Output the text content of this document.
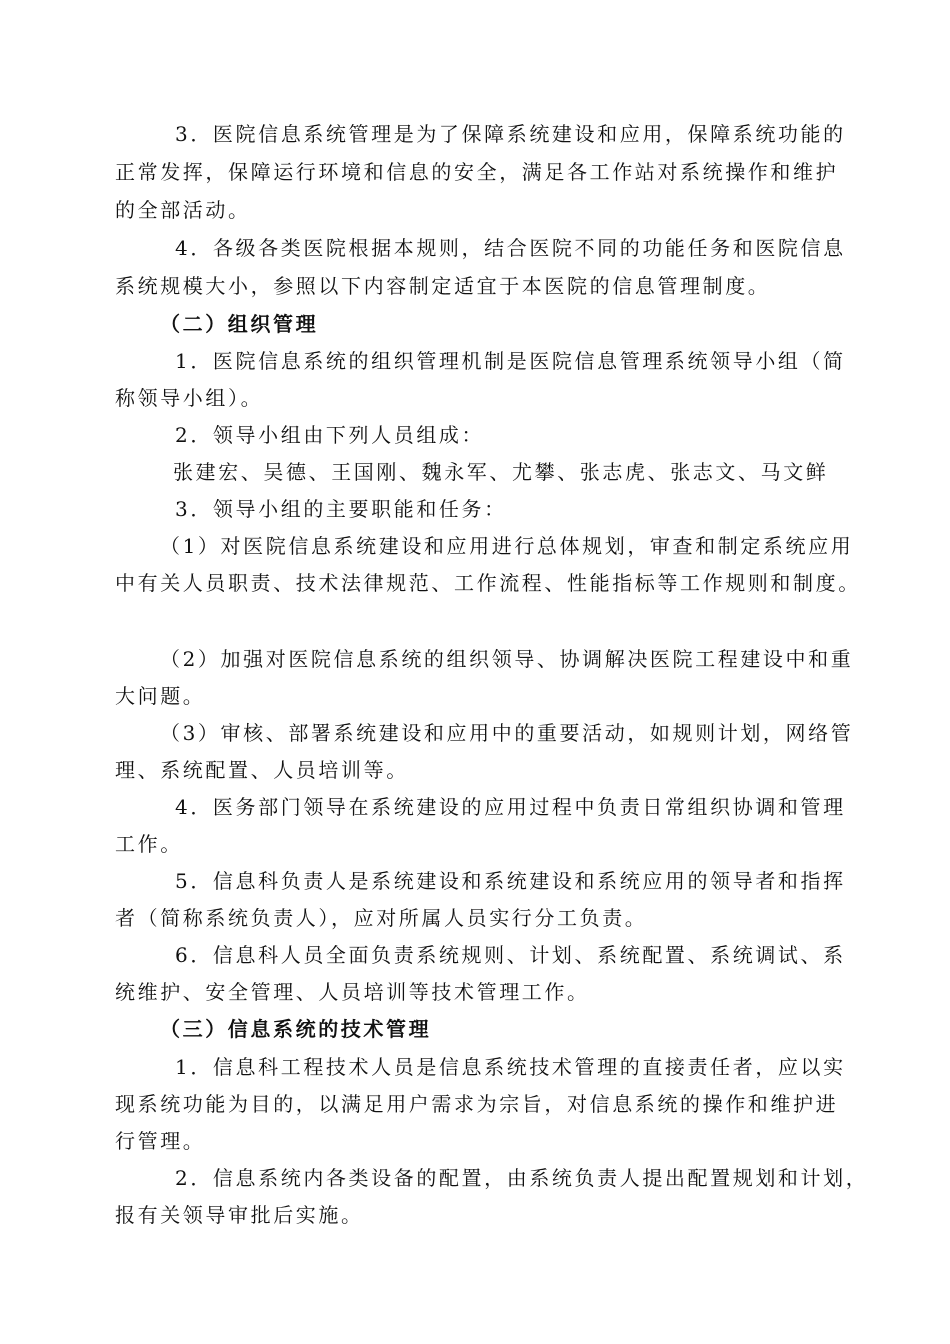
3．医院信息系统管理是为了保障系统建设和应用，保障系统功能的
正常发挥，保障运行环境和信息的安全，满足各工作站对系统操作和维护
的全部活动。
4．各级各类医院根据本规则，结合医院不同的功能任务和医院信息
系统规模大小，参照以下内容制定适宜于本医院的信息管理制度。
（二）组织管理
1．医院信息系统的组织管理机制是医院信息管理系统领导小组（简
称领导小组）。
2．领导小组由下列人员组成：
张建宏、吴德、王国刚、魏永军、尤攀、张志虎、张志文、马文鲜
3．领导小组的主要职能和任务：
（1）对医院信息系统建设和应用进行总体规划，审查和制定系统应用
中有关人员职责、技术法律规范、工作流程、性能指标等工作规则和制度。
（2）加强对医院信息系统的组织领导、协调解决医院工程建设中和重
大问题。
（3）审核、部署系统建设和应用中的重要活动，如规则计划，网络管
理、系统配置、人员培训等。
4．医务部门领导在系统建设的应用过程中负责日常组织协调和管理
工作。
5．信息科负责人是系统建设和系统建设和系统应用的领导者和指挥
者（简称系统负责人），应对所属人员实行分工负责。
6．信息科人员全面负责系统规则、计划、系统配置、系统调试、系
统维护、安全管理、人员培训等技术管理工作。
（三）信息系统的技术管理
1．信息科工程技术人员是信息系统技术管理的直接责任者，应以实
现系统功能为目的，以满足用户需求为宗旨，对信息系统的操作和维护进
行管理。
2．信息系统内各类设备的配置，由系统负责人提出配置规划和计划，
报有关领导审批后实施。
